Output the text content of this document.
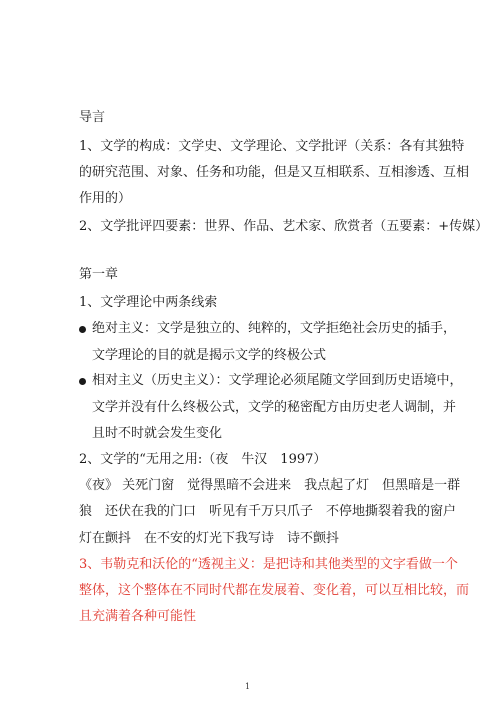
导言
1、文学的构成：文学史、文学理论、文学批评（关系：各有其独特
的研究范围、对象、任务和功能，但是又互相联系、互相渗透、互相
作用的）
2、文学批评四要素：世界、作品、艺术家、欣赏者（五要素：+传媒）
第一章
1、文学理论中两条线索
绝对主义：文学是独立的、纯粹的，文学拒绝社会历史的插手，
文学理论的目的就是揭示文学的终极公式
相对主义（历史主义）：文学理论必须尾随文学回到历史语境中，
文学并没有什么终极公式，文学的秘密配方由历史老人调制，并
且时不时就会发生变化
2、文学的“无用之用:（夜　牛汉　1997）
《夜》 关死门窗　觉得黑暗不会进来　我点起了灯　但黑暗是一群
狼　还伏在我的门口　听见有千万只爪子　不停地撕裂着我的窗户
灯在颤抖　在不安的灯光下我写诗　诗不颤抖
3、韦勒克和沃伦的“透视主义：是把诗和其他类型的文字看做一个
整体，这个整体在不同时代都在发展着、变化着，可以互相比较，而
且充满着各种可能性
1
